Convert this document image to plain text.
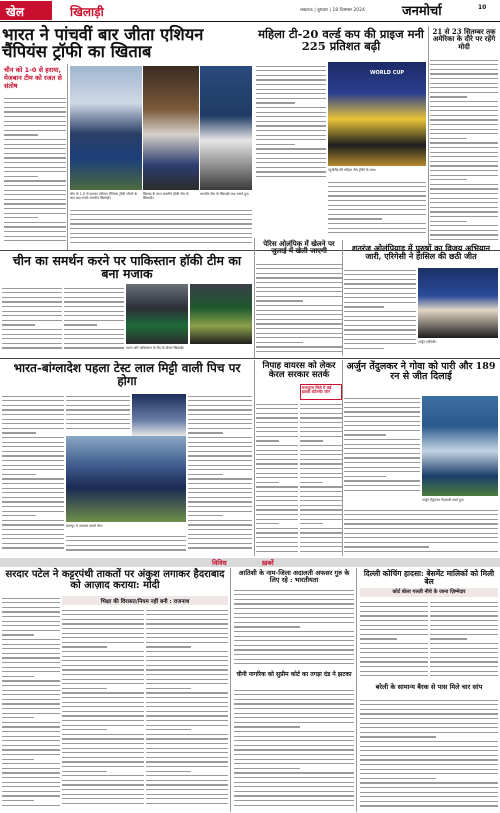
खेल	खिलाड़ी	लखनऊ | बुधवार | 18 दिसम्बर 2024	जनमोर्चा	10
भारत ने पांचवीं बार जीता एशियन चैंपियंस ट्रॉफी का खिताब
चीन को 1-0 से हराया, मेजबान टीम को रजत से संतोष
चीन के 1-0 से हराकर एशियन चैंपियंस ट्रॉफी जीतने के बाद जश्न मनाते भारतीय खिलाड़ी।
खिताब के साथ भारतीय हॉकी टीम के खिलाड़ी।
भारतीय टीम के खिलाड़ी जश्न मनाते हुए।
महिला टी-20 वर्ल्ड कप की प्राइज मनी 225 प्रतिशत बढ़ी
WORLD CUP
न्यूजीलैंड की महिला टीम ट्रॉफी के साथ।
21 से 23 सितम्बर तक अमेरिका के दौरे पर रहेंगे मोदी
चीन का समर्थन करने पर पाकिस्तान हॉकी टीम का बना मजाक
भारत और पाकिस्तान के मैच के दौरान खिलाड़ी।
पेरिस ओलंपिक में खेलने पर जुलाई में खेली जाएगी	शतरंज ओलंपियाड में पुरुषों का विजय अभियान जारी, एरिगेसी ने हासिल की छठी जीत
अर्जुन एरिगेसी।
भारत-बांग्लादेश पहला टेस्ट लाल मिट्टी वाली पिच पर होगा
कानपुर में अभ्यास करती टीम।
निपाह वायरस को लेकर केरल सरकार सतर्क
मलप्पुरम जिले में कई इलाके कंटेनमेंट जोन
अर्जुन तेंदुलकर ने गोवा को पारी और 189 रन से जीत दिलाई
अर्जुन तेंदुलकर गेंदबाजी करते हुए।
विविध	ख़बरें
सरदार पटेल ने कट्टरपंथी ताकतों पर अंकुश लगाकर हैदराबाद को आज़ाद कराया: मोदी
भिक्षा की विरासत/नियम नहीं बनी : राजनाथ
आतिशी के नाम-जिला अदालती अफसर गुरु के लिए रहे : भारतीयता
चीनी नागरिक को सुप्रीम कोर्ट का तगड़ा दंड ने झटका
दिल्ली कोचिंग हादसा: बेसमेंट मालिकों को मिली बेल
कोर्ट बोला गलती नीचे के जाना ज़िम्मेदार
बरेली के सामान्य बैरक से पास मिले चार सांप
